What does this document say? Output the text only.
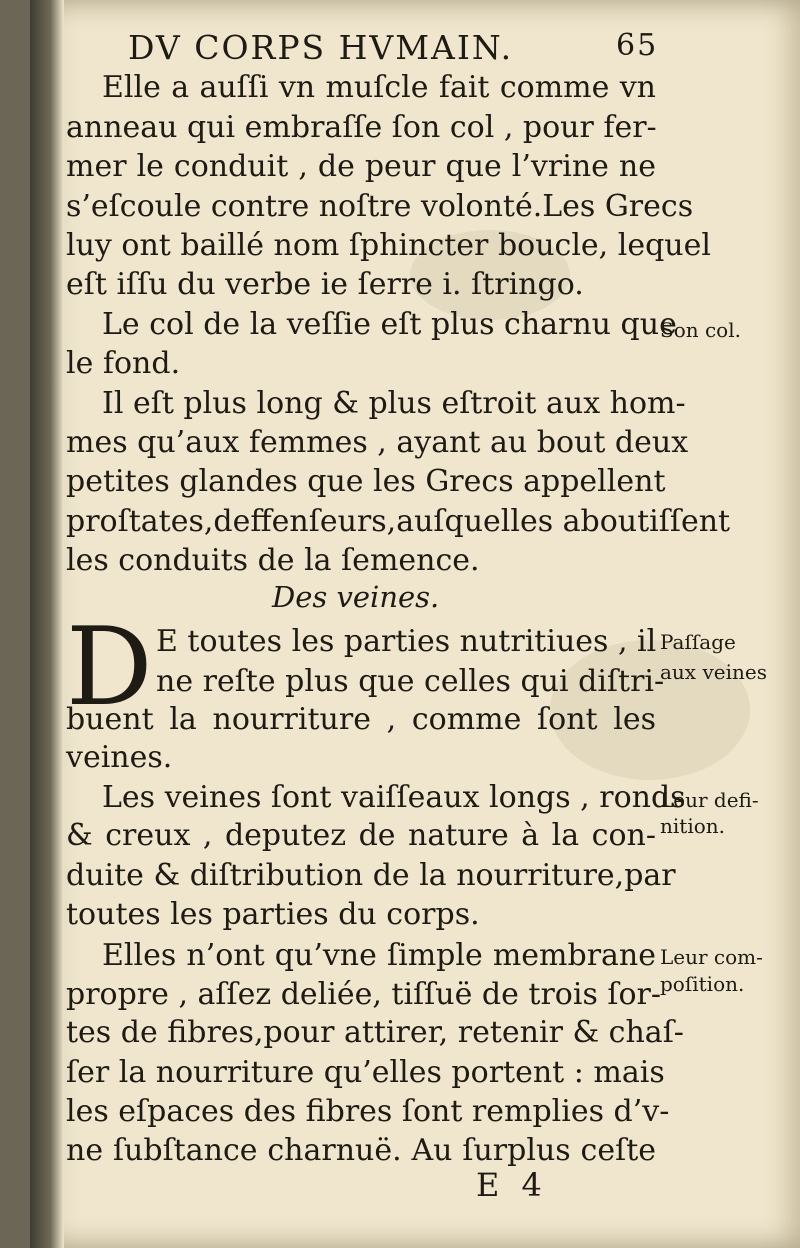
DV CORPS HVMAIN.	65
Elle a auſſi vn muſcle fait comme vn
anneau qui embraſſe ſon col , pour fer-
mer le conduit , de peur que l’vrine ne
s’eſcoule contre noſtre volonté.Les Grecs
luy ont baillé nom ſphincter boucle, lequel
eſt iſſu du verbe ie ſerre i. ſtringo.
Le col de la veſſie eſt plus charnu que
le fond.
Il eſt plus long & plus eſtroit aux hom-
mes qu’aux femmes , ayant au bout deux
petites glandes que les Grecs appellent
proſtates,deffenſeurs,auſquelles aboutiſſent
les conduits de la ſemence.
Des veines.
D E toutes les parties nutritiues , il
ne reſte plus que celles qui diſtri-
buent la nourriture , comme ſont les
veines.
Les veines ſont vaiſſeaux longs , ronds
& creux , deputez de nature à la con-
duite & diſtribution de la nourriture,par
toutes les parties du corps.
Elles n’ont qu’vne ſimple membrane
propre , aſſez deliée, tiſſuë de trois ſor-
tes de fibres,pour attirer, retenir & chaſ-
ſer la nourriture qu’elles portent : mais
les eſpaces des fibres ſont remplies d’v-
ne ſubſtance charnuë. Au ſurplus ceſte
Son col.
Paſſage
aux veines
Leur defi-
nition.
Leur com-
poſition.
E 4
